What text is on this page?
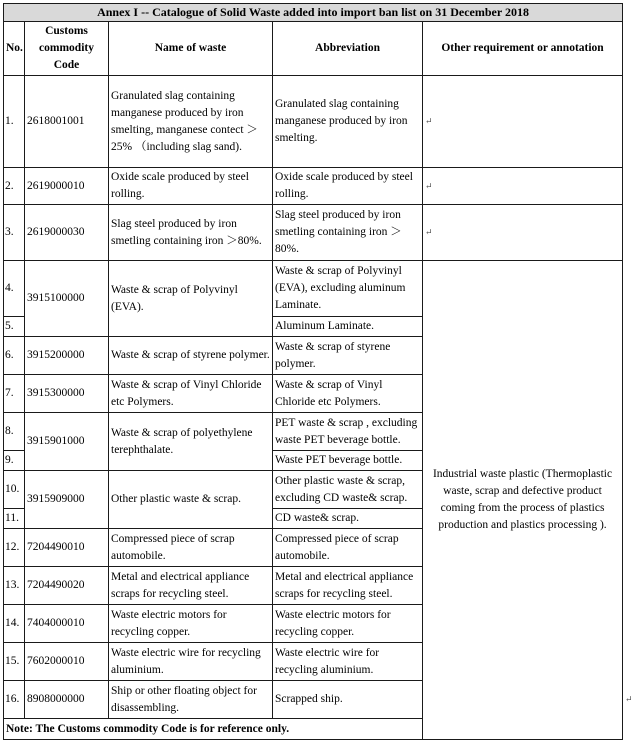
Annex I -- Catalogue of Solid Waste added into import ban list on 31 December 2018					
No.	Customs commodity Code	Name of waste	Abbreviation	Other requirement or annotation	
1.	2618001001	Granulated slag containing manganese produced by iron smelting, manganese contect ＞25% （including slag sand).	Granulated slag containing manganese produced by iron smelting.	↵	
2.	2619000010	Oxide scale produced by steel rolling.	Oxide scale produced by steel rolling.	↵	
3.	2619000030	Slag steel produced by iron smetling containing iron ＞80%.	Slag steel produced by iron smetling containing iron ＞ 80%.	↵	
4.	3915100000	Waste & scrap of Polyvinyl (EVA).	Waste & scrap of Polyvinyl (EVA), excluding aluminum Laminate.	Industrial waste plastic (Thermoplastic waste, scrap and defective product coming from the process of plastics production and plastics processing ).	
5.			Aluminum Laminate.		
6.	3915200000	Waste & scrap of styrene polymer.	Waste & scrap of styrene polymer.		
7.	3915300000	Waste & scrap of Vinyl Chloride etc Polymers.	Waste & scrap of Vinyl Chloride etc Polymers.		
8.	3915901000	Waste & scrap of polyethylene terephthalate.	PET waste & scrap , excluding waste PET beverage bottle.		
9.			Waste PET beverage bottle.		
10.	3915909000	Other plastic waste & scrap.	Other plastic waste & scrap, excluding CD waste& scrap.		
11.			CD waste& scrap.		
12.	7204490010	Compressed piece of scrap automobile.	Compressed piece of scrap automobile.		
13.	7204490020	Metal and electrical appliance scraps for recycling steel.	Metal and electrical appliance scraps for recycling steel.		
14.	7404000010	Waste electric motors for recycling copper.	Waste electric motors for recycling copper.		
15.	7602000010	Waste electric wire for recycling aluminium.	Waste electric wire for recycling aluminium.		
16.	8908000000	Ship or other floating object for disassembling.	Scrapped ship.		↵
Note: The Customs commodity Code is for reference only.					
